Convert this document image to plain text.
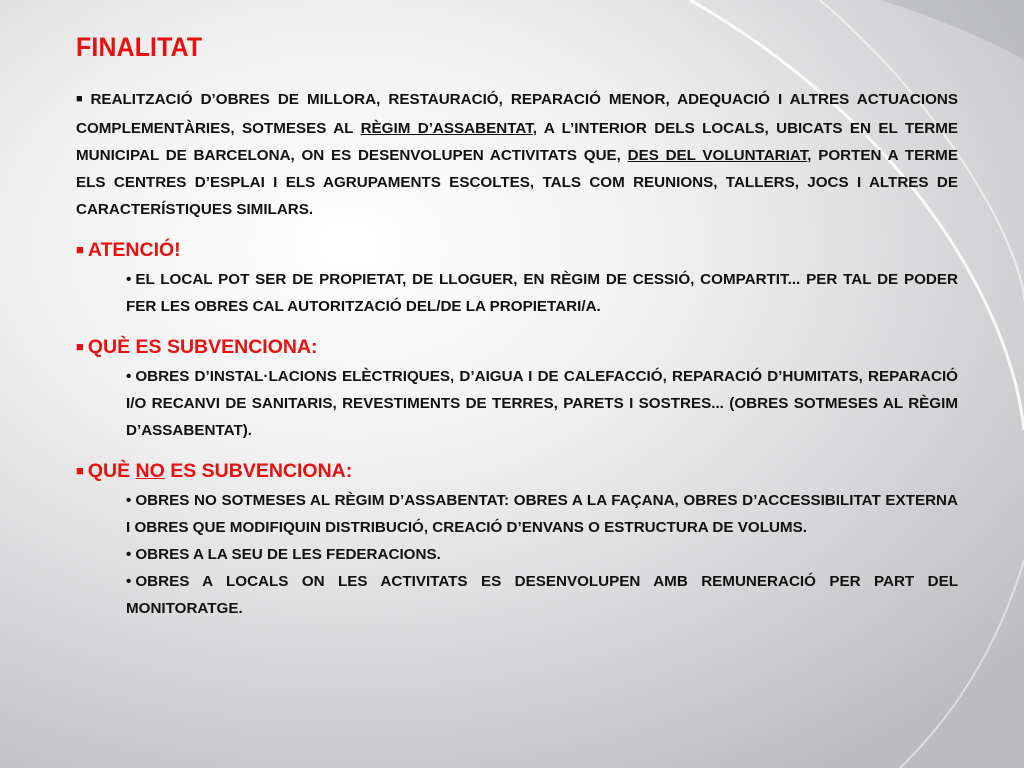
FINALITAT
■ REALITZACIÓ D’OBRES DE MILLORA, RESTAURACIÓ, REPARACIÓ MENOR, ADEQUACIÓ I ALTRES ACTUACIONS COMPLEMENTÀRIES, SOTMESES AL RÈGIM D’ASSABENTAT, A L’INTERIOR DELS LOCALS, UBICATS EN EL TERME MUNICIPAL DE BARCELONA, ON ES DESENVOLUPEN ACTIVITATS QUE, DES DEL VOLUNTARIAT, PORTEN A TERME ELS CENTRES D’ESPLAI I ELS AGRUPAMENTS ESCOLTES, TALS COM REUNIONS, TALLERS, JOCS I ALTRES DE CARACTERÍSTIQUES SIMILARS.
■ ATENCIÓ!
• EL LOCAL POT SER DE PROPIETAT, DE LLOGUER, EN RÈGIM DE CESSIÓ, COMPARTIT... PER TAL DE PODER FER LES OBRES CAL AUTORITZACIÓ DEL/DE LA PROPIETARI/A.
■ QUÈ ES SUBVENCIONA:
• OBRES D’INSTAL·LACIONS ELÈCTRIQUES, D’AIGUA I DE CALEFACCIÓ, REPARACIÓ D’HUMITATS, REPARACIÓ I/O RECANVI DE SANITARIS, REVESTIMENTS DE TERRES, PARETS I SOSTRES... (OBRES SOTMESES AL RÈGIM D’ASSABENTAT).
■ QUÈ NO ES SUBVENCIONA:
• OBRES NO SOTMESES AL RÈGIM D’ASSABENTAT: OBRES A LA FAÇANA, OBRES D’ACCESSIBILITAT EXTERNA I OBRES QUE MODIFIQUIN DISTRIBUCIÓ, CREACIÓ D’ENVANS O ESTRUCTURA DE VOLUMS.
• OBRES A LA SEU DE LES FEDERACIONS.
• OBRES A LOCALS ON LES ACTIVITATS ES DESENVOLUPEN AMB REMUNERACIÓ PER PART DEL MONITORATGE.
